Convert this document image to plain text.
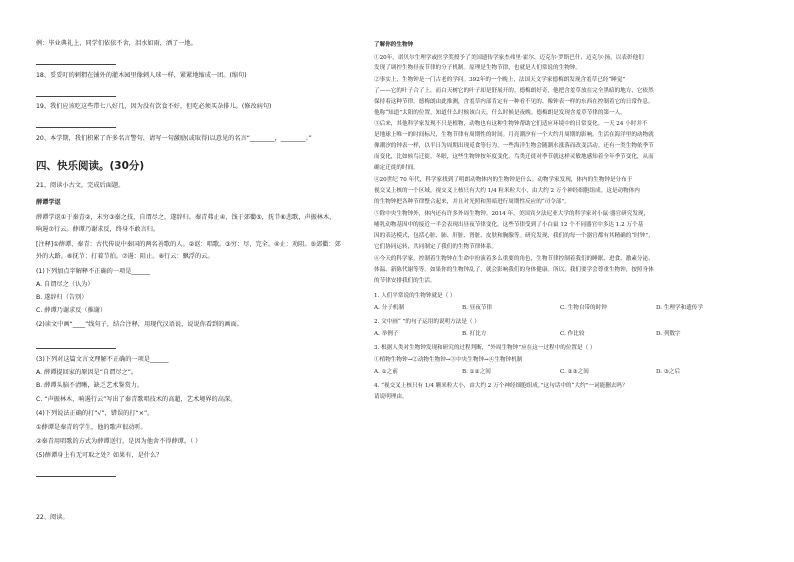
例：毕业典礼上，同学们依依不舍，泪水如雨，洒了一地。
18、妥妥叮的刺猬在铺外的灌木园里像刺人球一样，紧紧地缩成一团。(缩句)
19、我们应该吃这些带七八好几，因为没有饮食不好，但吃必须买杂排儿。(修改病句)
20、本学期，我们积累了许多名言警句，请写一句激励(或取得)以意见的名言“________，________。”
四、快乐阅读。(30分)
21、阅读小古文，完成后面题。
薛谭学讴
薛谭学讴①于秦青②，未穷③秦之技，自谓尽之，遂辞归。秦青弗止④，饯于郊衢⑤，抚节⑥悲歌，声振林木，
响遏⑦行云。薛谭乃谢求反，终身不敢言归。
[注释]①薛谭、秦青：古代传说中秦国的两名善歌的人。②讴：唱歌。③穷：尽，完全。④止：劝阻。⑤郊衢：郊
外的大路。⑥抚节：打着节拍。⑦遏：阻止。⑧行云：飘浮的云。
(1)下列加点字解释不正确的一项是______
A. 自谓尽之（认为）
B. 遂辞归（告别）
C. 薛谭乃谢求反（推谢）
(2)读文中画“____”线句子，结合注释，用现代汉语说，说说你看到的画面。
(3)下列对这篇文言文理解不正确的一项是______
A. 薛谭提回家的原因是“自谓尽之”。
B. 薛谭头脑不清晰，缺乏艺术鉴赏力。
C. “声振林木，响遏行云”写出了秦青歌唱技术的高超，艺术境界的高深。
(4)下列说法正确的打“√”，错误的打“×”。
①薛谭是秦青的学生，他的歌声很动听。
②秦青用唱歌的方式为薛谭送行，是因为他舍不得薛谭。（ ）
(5)薛谭身上有无可取之处？如果有，是什么？
22、阅读。
了解你的生物钟
①20年，诺贝尔生理学或医学奖授予了美国遗传学家杰弗里·霍尔、迈克尔·罗斯巴什、迈克尔·扬，以表彰他们
发现了调控生物昼夜节律的分子机制。原理是生物节律，也就是人们常说的生物钟。
②事实上，生物钟是一门古老的学问。392年的一个晚上，法国天文学家德梅朗发现含羞草已经“睡觉”
了——它的叶子合了上，而白天树它的叶子却是舒展开的。德梅朗好奇，他把含羞草放在完全黑暗的地方，它依然
保持着这种节律。德梅朗由此推测，含羞草内部肯定有一种看不见的、像钟表一样的东西在控制着它的日常作息。
他称“知道”太阳的位置，知道什么时候该白天，什么时候是夜晚。德梅朗是发现含羞草节律的第一人。
③后来，其他科学家发现不只是植物，动物也有这种生物钟帮助它们适应环境中的日常变化。一天 24 小时并不
是地球上唯一的时间标尺，生物节律有周期性的时间。月亮潮汐有一个大约月周期的影响。生活在海洋里的动物就
像潮汐的钟表一样，以半日为周期出现觅食等行为，一些海洋生物会随潮水涨落而改变活动。还有一类生物依季节
而变化，比如候鸟迁徙、冬眠，这些生物钟按年度变化。鸟类迁徙对季节就这样灵敏地感知着全年季节变化，从而
确定迁徙的时间。
④20世纪 70 年代，科学家找到了明朗动物体内的生物钟是什么。动物学家发现，体内的生物钟是分布于
视交叉上核的一个区域，视交叉上核只有大约 1/4 粒米粒大小，由大约 2 万个神经细胞组成。这是动物体内
的生物钟把各种节律整合起来，并且对光照和黑暗进行周期性反应的“司令部”。
⑤除中央生物钟外，体内还有许多外周生物钟。2014 年，美国宾夕法尼亚大学的科学家对小鼠·器官研究发现，
哺乳动物基因中的接近一半会表现出昼夜节律变化。这些节律受到了小白鼠 12 个不同器官中多达 1.2 万个基
因的表达模式，包括心脏、肺、肝脏、肾脏、皮肤和胸腺等。研究发现，我们的每一个器官都有其精确的“时钟”，
它们协同运转，共同制定了我们的生物节律体系。
⑥今天的科学家，控制着生物钟在生命中扮演着多么重要的角色，生物节律控制着我们的睡眠、进食、激素分泌、
体温、新陈代谢等等。如果你的生物钟乱了，就会影响我们的身体健康。所以，我们要学会尊重生物钟，按照身体
的节律安排我们的生活。
1. 人们平常说的生物钟就是（ ）
A. 分子机制	B. 昼夜节律	C. 生物自带的时钟	D. 生理学和遗传学
2. 文中画“ ”的句子运用的说明方法是（ ）
A. 举例子	B. 打比方	C. 作比较	D. 列数字
3. 根据人类对生物钟发现和研究的过程判断，“外周生物钟”应在这一过程中的位置是（ ）
①植物生物钟→②动物生物钟→③中央生物钟→④生物钟机制
A. ①之前	B. ①②之间	C. ②③之间	D. ③之后
4. “视交叉上核只有 1/4 颗米粒大小，由大约 2 万个神经细胞组成。”这句话中的“大约”一词能删去吗？
请说明理由。
